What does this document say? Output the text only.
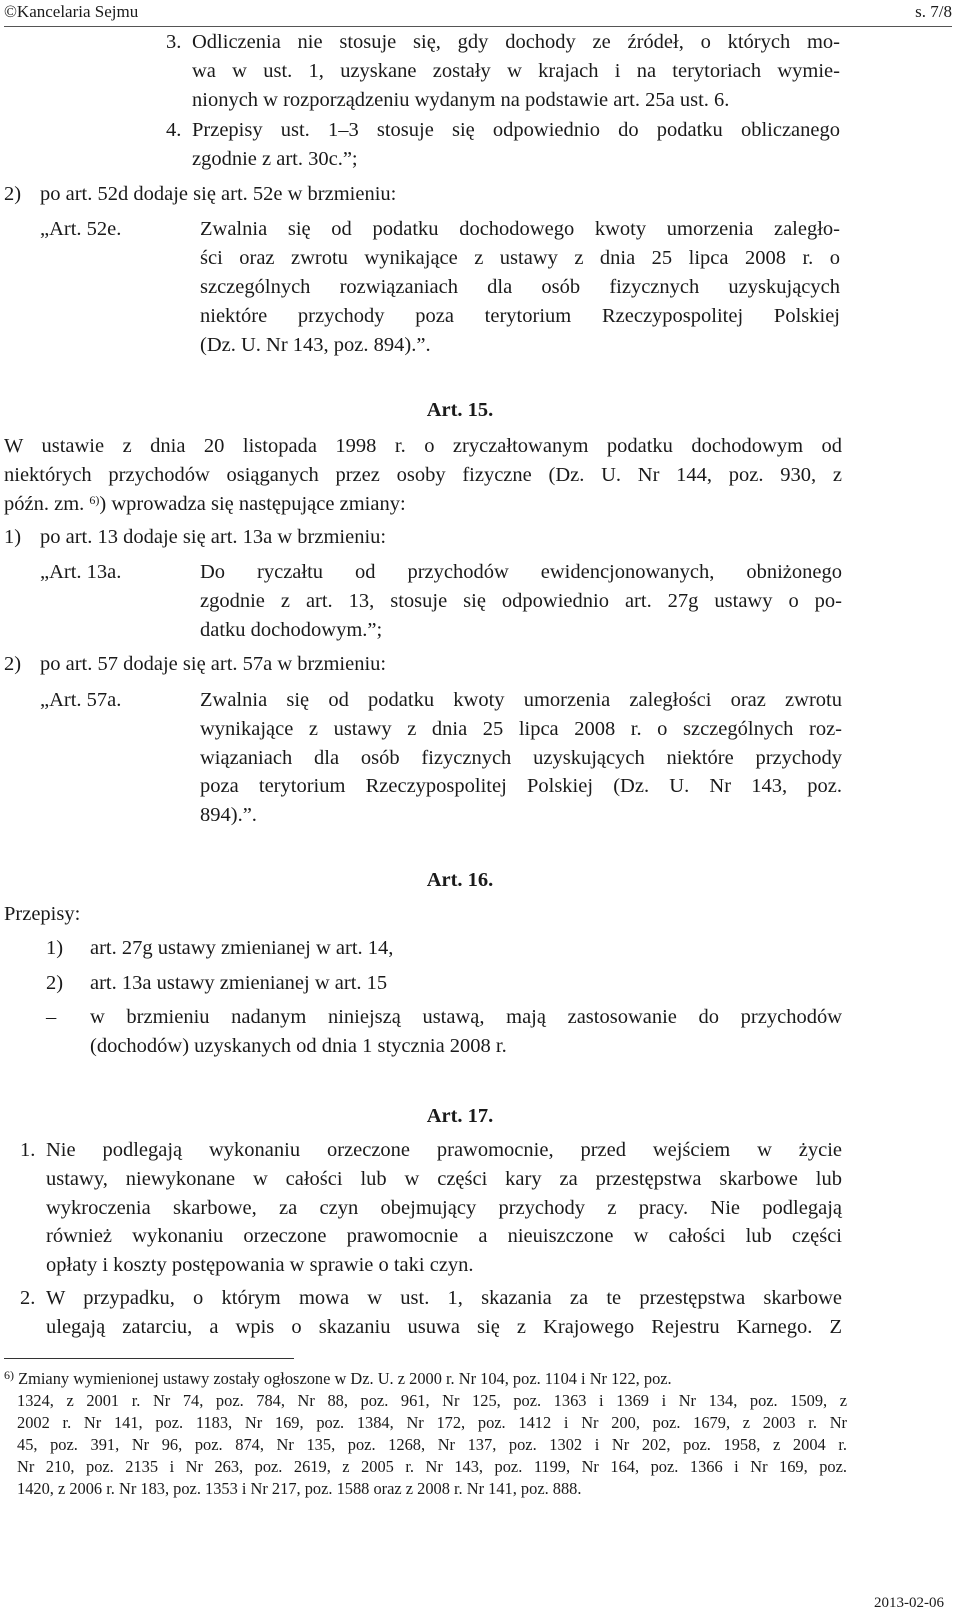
©Kancelaria Sejmu	s. 7/8
3. Odliczenia nie stosuje się, gdy dochody ze źródeł, o których mo-
wa w ust. 1, uzyskane zostały w krajach i na terytoriach wymie-
nionych w rozporządzeniu wydanym na podstawie art. 25a ust. 6.
4. Przepisy ust. 1–3 stosuje się odpowiednio do podatku obliczanego
zgodnie z art. 30c.”;
2) po art. 52d dodaje się art. 52e w brzmieniu:
„Art. 52e.	Zwalnia się od podatku dochodowego kwoty umorzenia zaległo-
ści oraz zwrotu wynikające z ustawy z dnia 25 lipca 2008 r. o
szczególnych rozwiązaniach dla osób fizycznych uzyskujących
niektóre przychody poza terytorium Rzeczypospolitej Polskiej
(Dz. U. Nr 143, poz. 894).”.
Art. 15.
W ustawie z dnia 20 listopada 1998 r. o zryczałtowanym podatku dochodowym od
niektórych przychodów osiąganych przez osoby fizyczne (Dz. U. Nr 144, poz. 930, z
późn. zm. $^{6)}$) wprowadza się następujące zmiany:
1) po art. 13 dodaje się art. 13a w brzmieniu:
„Art. 13a.	Do ryczałtu od przychodów ewidencjonowanych, obniżonego
zgodnie z art. 13, stosuje się odpowiednio art. 27g ustawy o po-
datku dochodowym.”;
2) po art. 57 dodaje się art. 57a w brzmieniu:
„Art. 57a.	Zwalnia się od podatku kwoty umorzenia zaległości oraz zwrotu
wynikające z ustawy z dnia 25 lipca 2008 r. o szczególnych roz-
wiązaniach dla osób fizycznych uzyskujących niektóre przychody
poza terytorium Rzeczypospolitej Polskiej (Dz. U. Nr 143, poz.
894).”.
Art. 16.
Przepisy:
1) art. 27g ustawy zmienianej w art. 14,
2) art. 13a ustawy zmienianej w art. 15
– w brzmieniu nadanym niniejszą ustawą, mają zastosowanie do przychodów
(dochodów) uzyskanych od dnia 1 stycznia 2008 r.
Art. 17.
1. Nie podlegają wykonaniu orzeczone prawomocnie, przed wejściem w życie
ustawy, niewykonane w całości lub w części kary za przestępstwa skarbowe lub
wykroczenia skarbowe, za czyn obejmujący przychody z pracy. Nie podlegają
również wykonaniu orzeczone prawomocnie a nieuiszczone w całości lub części
opłaty i koszty postępowania w sprawie o taki czyn.
2. W przypadku, o którym mowa w ust. 1, skazania za te przestępstwa skarbowe
ulegają zatarciu, a wpis o skazaniu usuwa się z Krajowego Rejestru Karnego. Z
$^{6)}$ Zmiany wymienionej ustawy zostały ogłoszone w Dz. U. z 2000 r. Nr 104, poz. 1104 i Nr 122, poz.
1324, z 2001 r. Nr 74, poz. 784, Nr 88, poz. 961, Nr 125, poz. 1363 i 1369 i Nr 134, poz. 1509, z
2002 r. Nr 141, poz. 1183, Nr 169, poz. 1384, Nr 172, poz. 1412 i Nr 200, poz. 1679, z 2003 r. Nr
45, poz. 391, Nr 96, poz. 874, Nr 135, poz. 1268, Nr 137, poz. 1302 i Nr 202, poz. 1958, z 2004 r.
Nr 210, poz. 2135 i Nr 263, poz. 2619, z 2005 r. Nr 143, poz. 1199, Nr 164, poz. 1366 i Nr 169, poz.
1420, z 2006 r. Nr 183, poz. 1353 i Nr 217, poz. 1588 oraz z 2008 r. Nr 141, poz. 888.
2013-02-06
